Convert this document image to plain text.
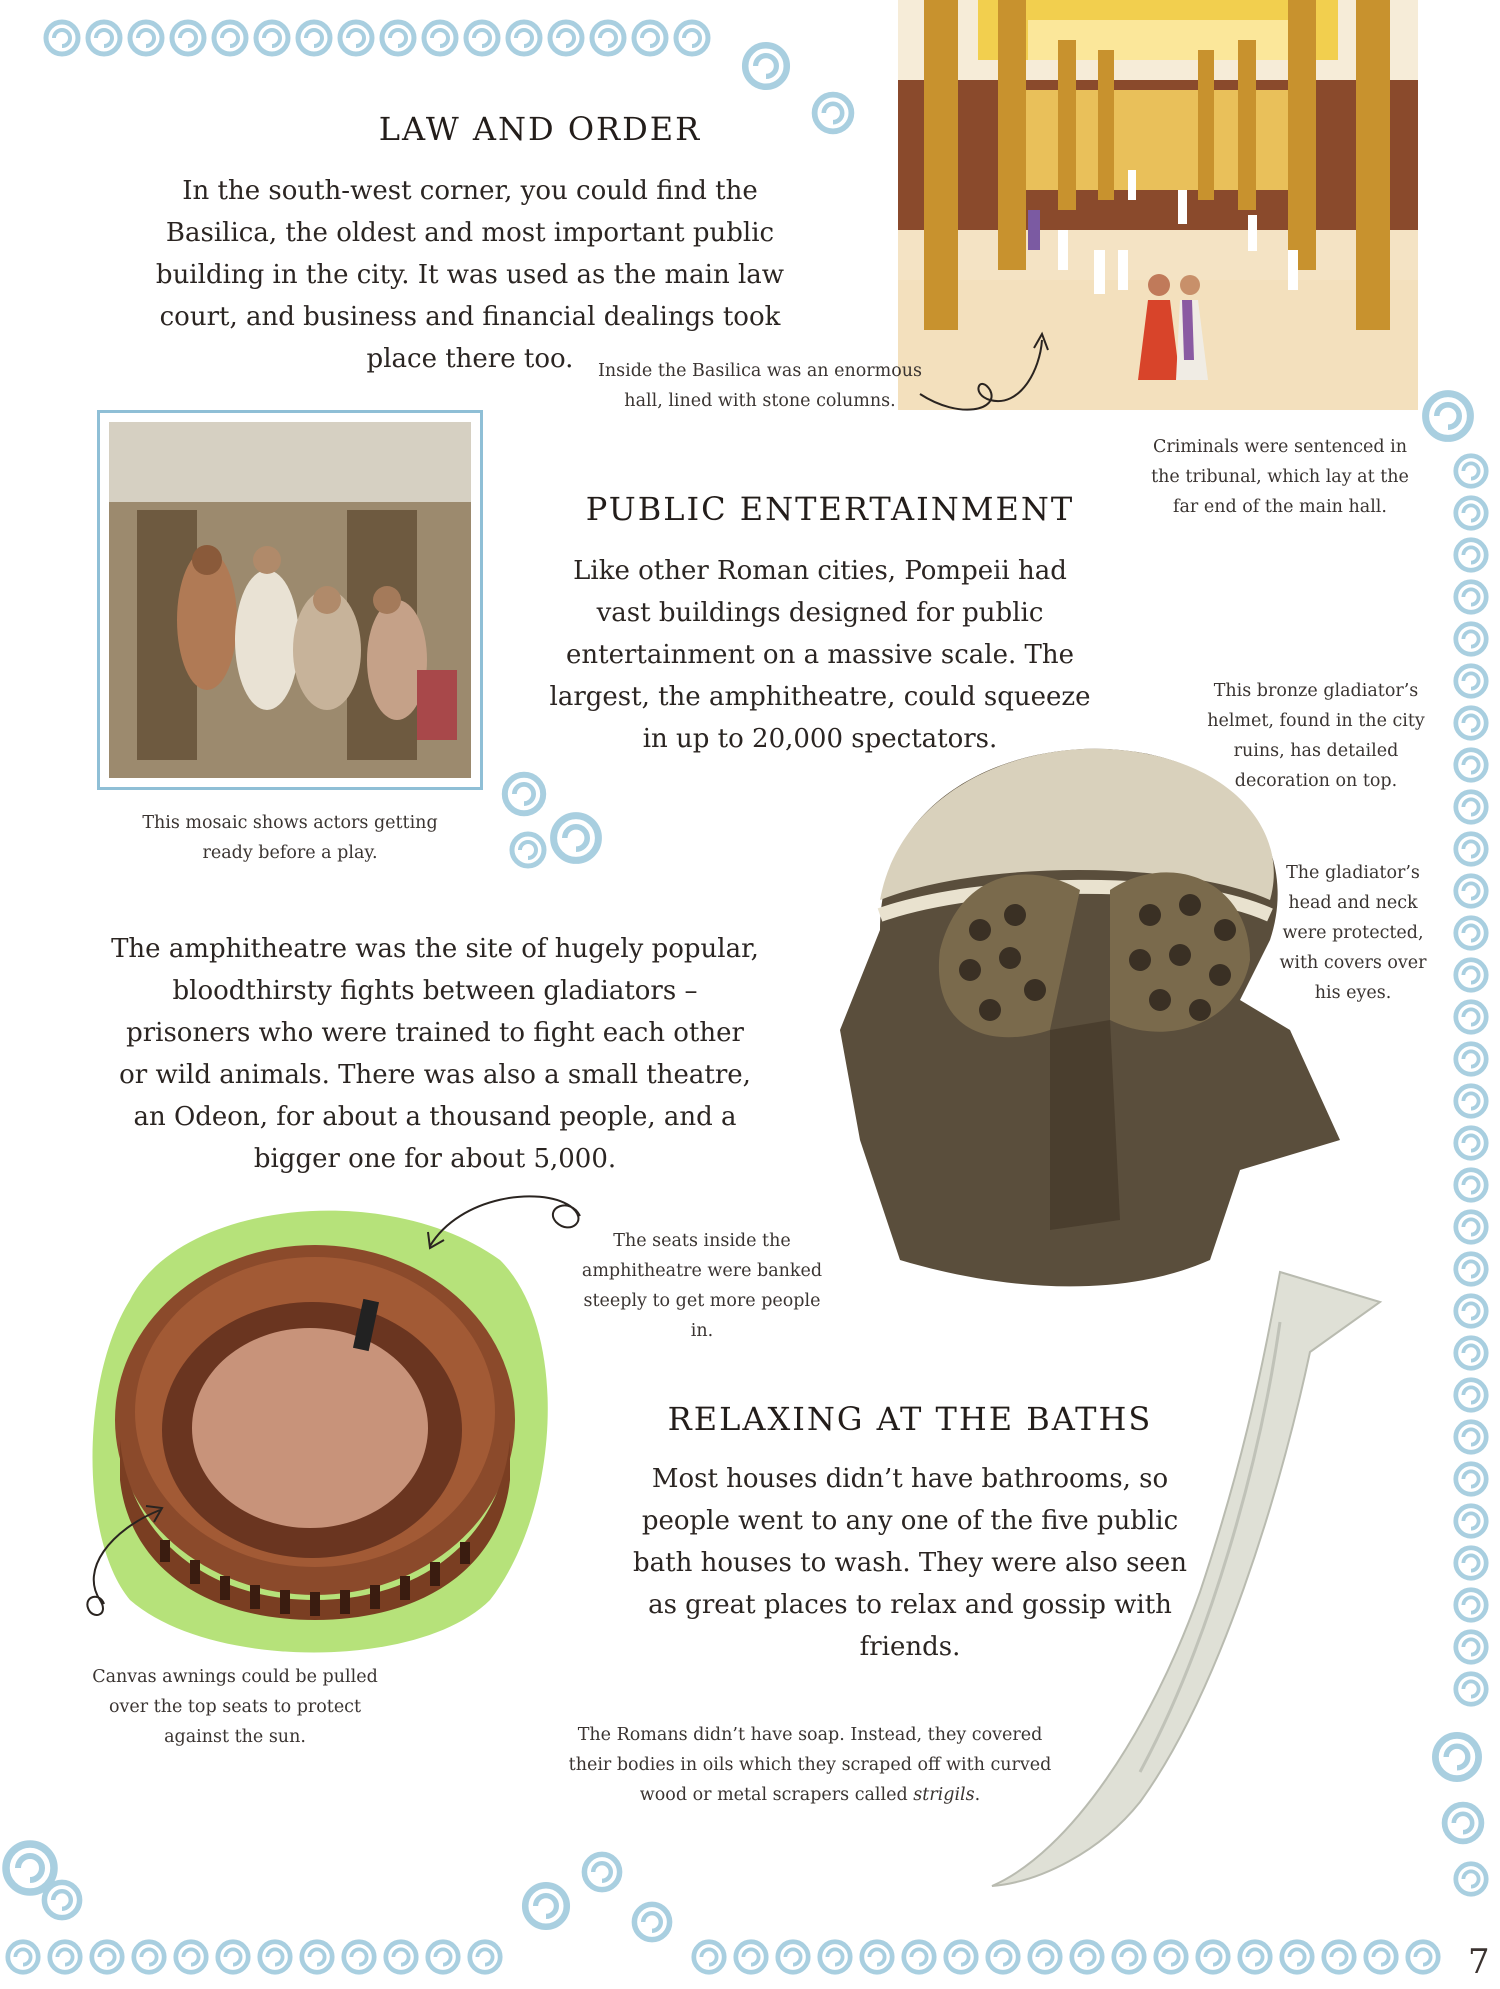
7
LAW AND ORDER
In the south-west corner, you could find the Basilica, the oldest and most important public building in the city. It was used as the main law court, and business and financial dealings took place there too.	Inside the Basilica was an enormous hall, lined with stone columns.
Criminals were sentenced in the tribunal, which lay at the far end of the main hall.
This mosaic shows actors getting ready before a play.
PUBLIC ENTERTAINMENT
Like other Roman cities, Pompeii had vast buildings designed for public entertainment on a massive scale. The largest, the amphitheatre, could squeeze in up to 20,000 spectators.
This bronze gladiator’s helmet, found in the city ruins, has detailed decoration on top.
The gladiator’s head and neck were protected, with covers over his eyes.
The amphitheatre was the site of hugely popular, bloodthirsty fights between gladiators – prisoners who were trained to fight each other or wild animals. There was also a small theatre, an Odeon, for about a thousand people, and a bigger one for about 5,000.
The seats inside the amphitheatre were banked steeply to get more people in.
Canvas awnings could be pulled over the top seats to protect against the sun.
RELAXING AT THE BATHS
Most houses didn’t have bathrooms, so people went to any one of the five public bath houses to wash. They were also seen as great places to relax and gossip with friends.
The Romans didn’t have soap. Instead, they covered their bodies in oils which they scraped off with curved wood or metal scrapers called strigils.
